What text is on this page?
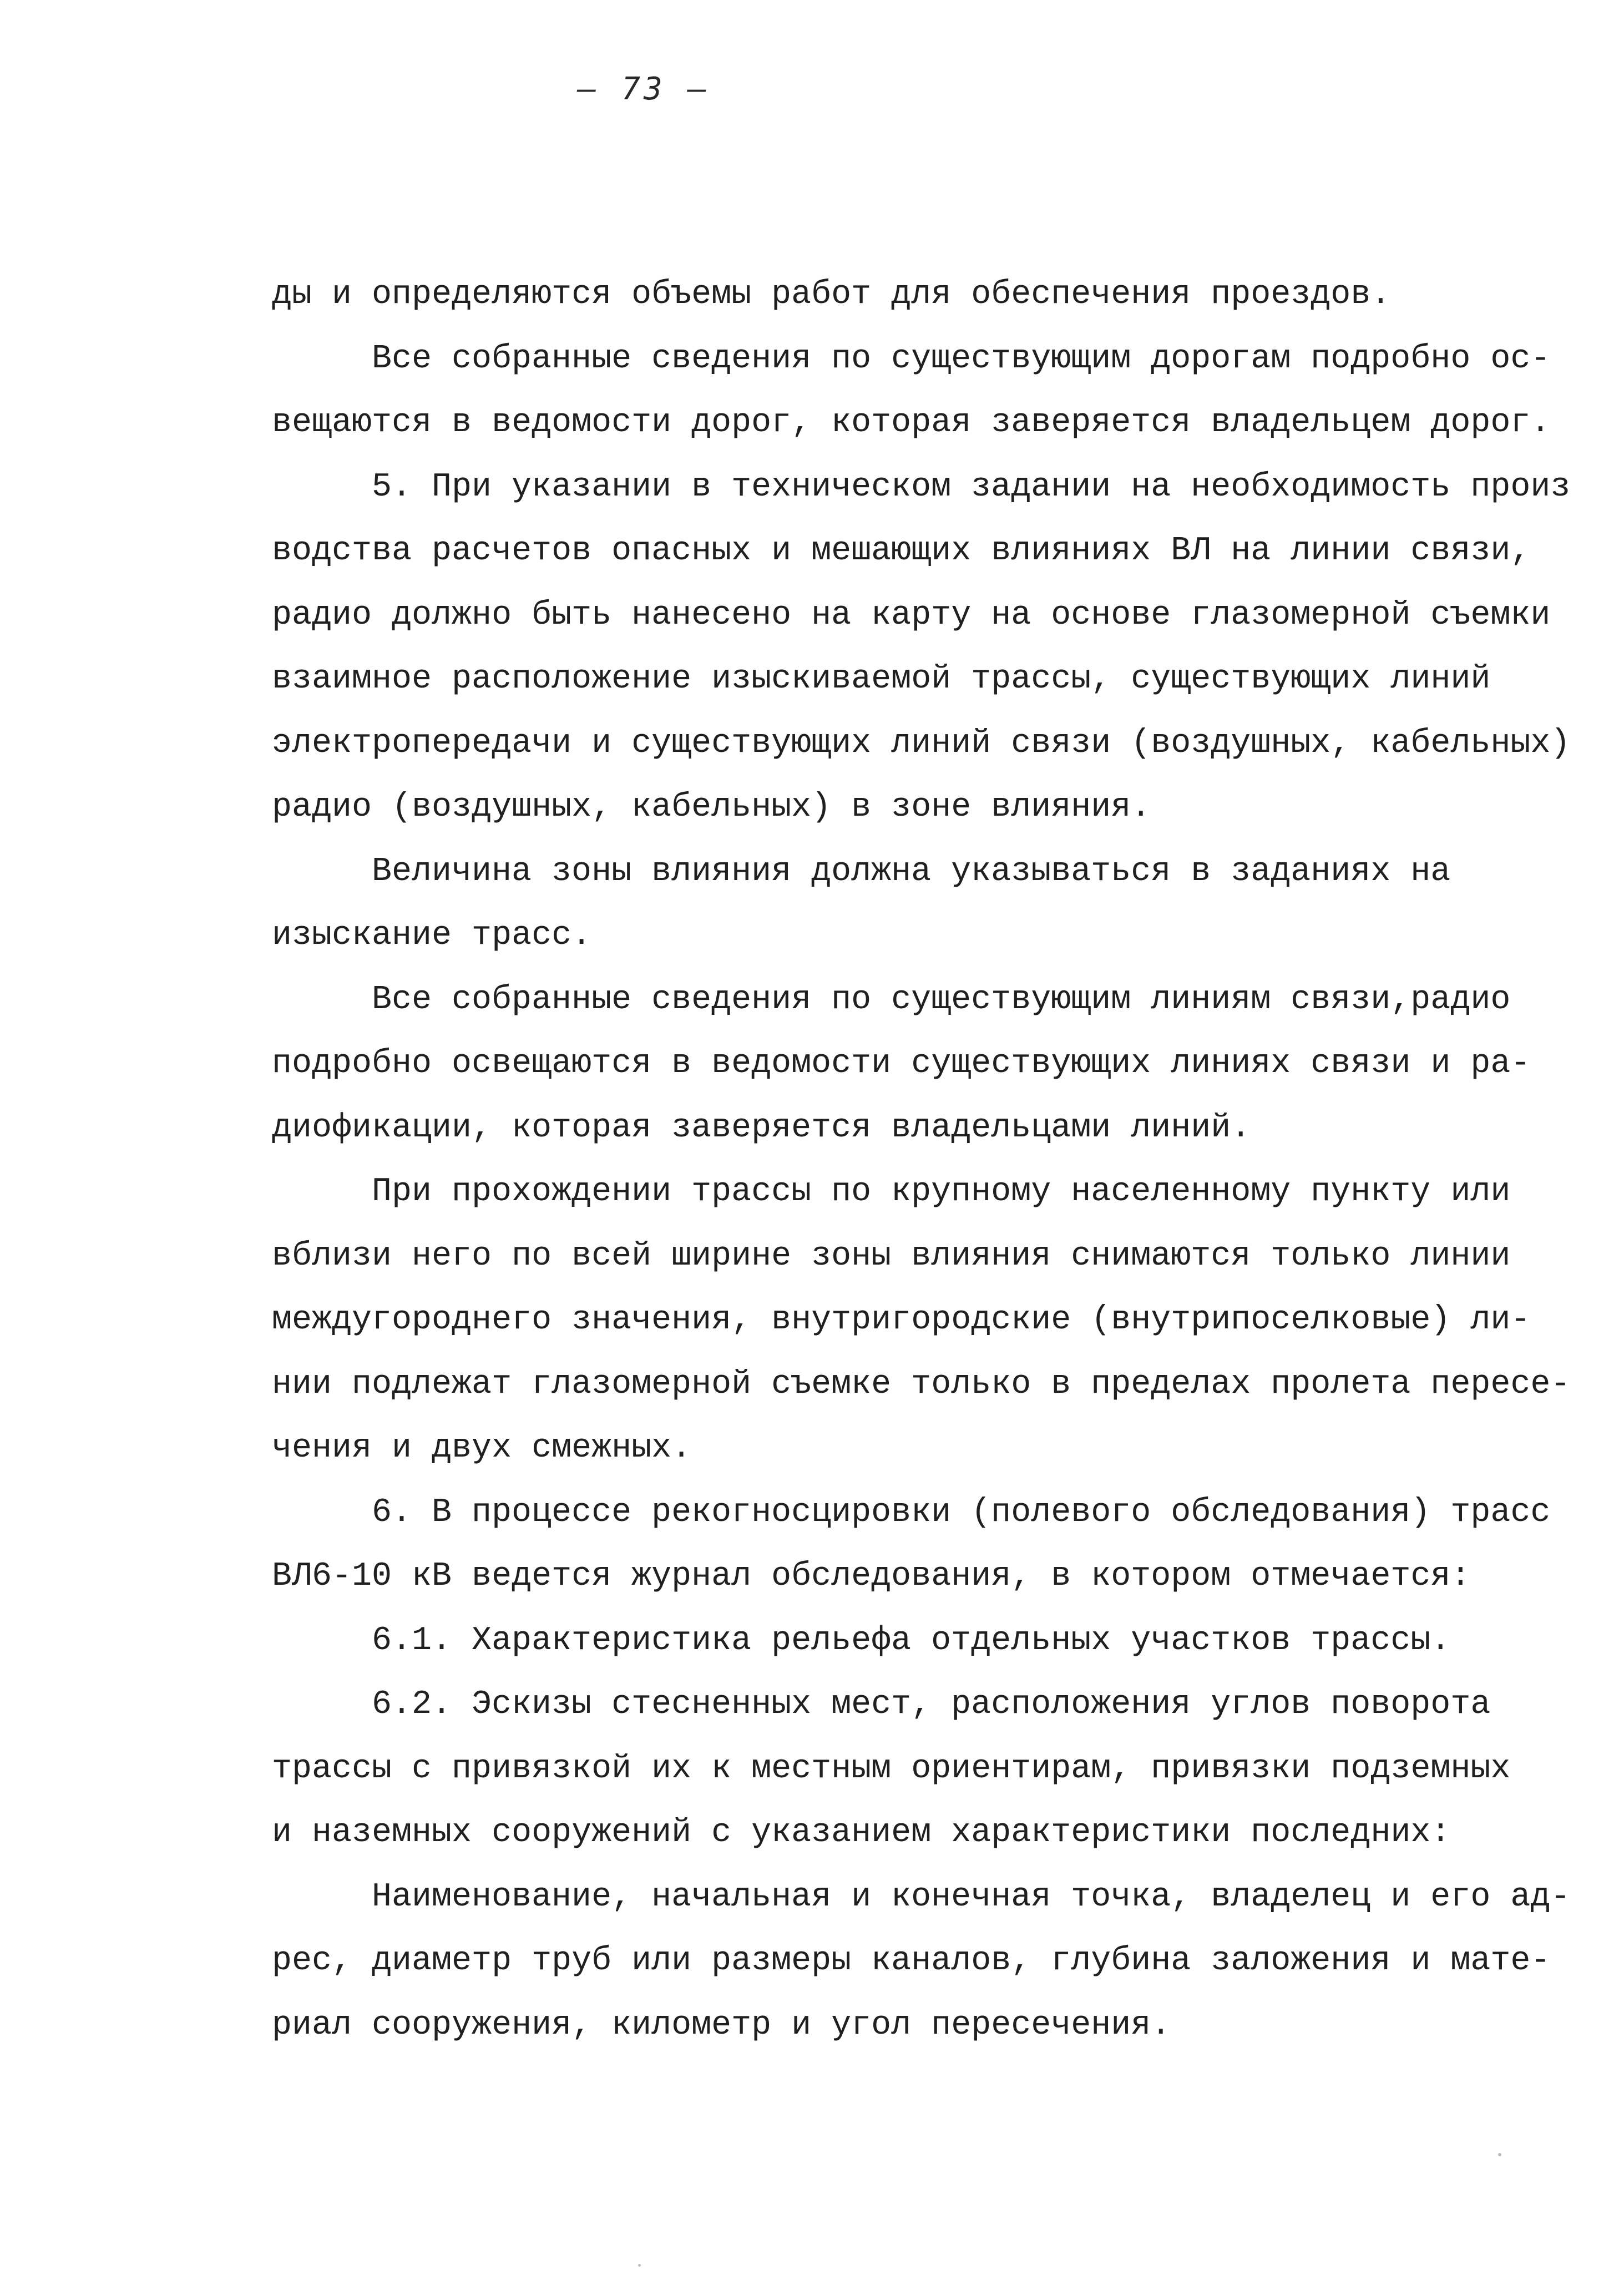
– 73 –
ды и определяются объемы работ для обеспечения проездов.
Все собранные сведения по существующим дорогам подробно ос-
вещаются в ведомости дорог, которая заверяется владельцем дорог.
5. При указании в техническом задании на необходимость произ
водства расчетов опасных и мешающих влияниях ВЛ на линии связи,
радио должно быть нанесено на карту на основе глазомерной съемки
взаимное расположение изыскиваемой трассы, существующих линий
электропередачи и существующих линий связи (воздушных, кабельных)
радио (воздушных, кабельных) в зоне влияния.
Величина зоны влияния должна указываться в заданиях на
изыскание трасс.
Все собранные сведения по существующим линиям связи,радио
подробно освещаются в ведомости существующих линиях связи и ра-
диофикации, которая заверяется владельцами линий.
При прохождении трассы по крупному населенному пункту или
вблизи него по всей ширине зоны влияния снимаются только линии
междугороднего значения, внутригородские (внутрипоселковые) ли-
нии подлежат глазомерной съемке только в пределах пролета пересе-
чения и двух смежных.
6. В процессе рекогносцировки (полевого обследования) трасс
ВЛ6-10 кВ ведется журнал обследования, в котором отмечается:
6.1. Характеристика рельефа отдельных участков трассы.
6.2. Эскизы стесненных мест, расположения углов поворота
трассы с привязкой их к местным ориентирам, привязки подземных
и наземных сооружений с указанием характеристики последних:
Наименование, начальная и конечная точка, владелец и его ад-
рес, диаметр труб или размеры каналов, глубина заложения и мате-
риал сооружения, километр и угол пересечения.
